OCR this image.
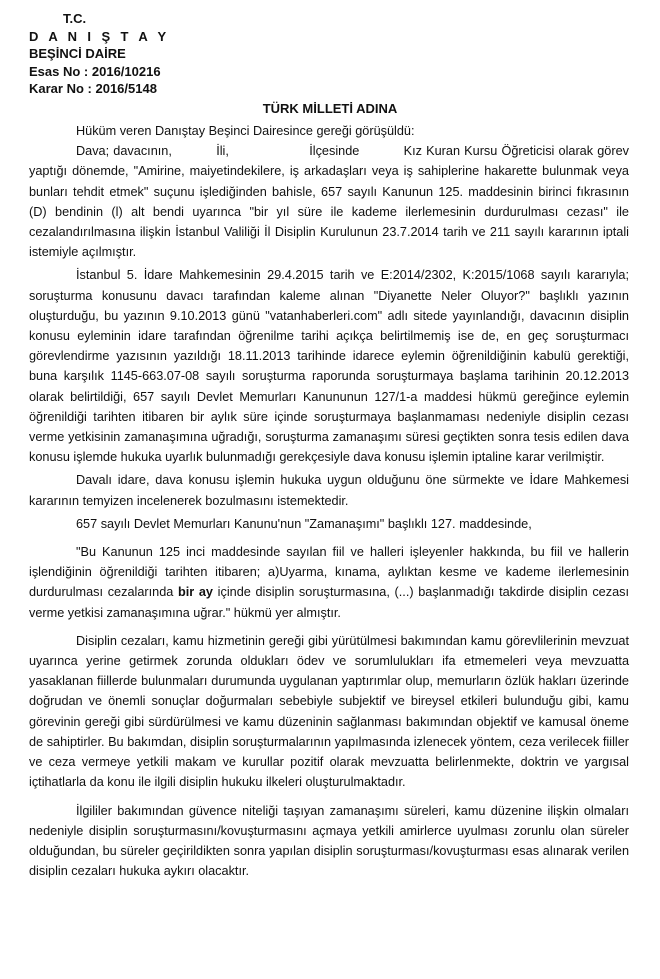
T.C.
D A N I Ş T A Y
BEŞİNCİ DAİRE
Esas No : 2016/10216
Karar No : 2016/5148
TÜRK MİLLETİ ADINA

Hüküm veren Danıştay Beşinci Dairesince gereği görüşüldü:

Dava; davacının,	İli,	İlçesinde	Kız Kuran Kursu Öğreticisi olarak görev yaptığı dönemde, "Amirine, maiyetindekilere, iş arkadaşları veya iş sahiplerine hakarette bulunmak veya bunları tehdit etmek" suçunu işlediğinden bahisle, 657 sayılı Kanunun 125. maddesinin birinci fıkrasının (D) bendinin (l) alt bendi uyarınca "bir yıl süre ile kademe ilerlemesinin durdurulması cezası" ile cezalandırılmasına ilişkin İstanbul Valiliği İl Disiplin Kurulunun 23.7.2014 tarih ve 211 sayılı kararının iptali istemiyle açılmıştır.

İstanbul 5. İdare Mahkemesinin 29.4.2015 tarih ve E:2014/2302, K:2015/1068 sayılı kararıyla; soruşturma konusunu davacı tarafından kaleme alınan "Diyanette Neler Oluyor?" başlıklı yazının oluşturduğu, bu yazının 9.10.2013 günü "vatanhaberleri.com" adlı sitede yayınlandığı, davacının disiplin konusu eyleminin idare tarafından öğrenilme tarihi açıkça belirtilmemiş ise de, en geç soruşturmacı görevlendirme yazısının yazıldığı 18.11.2013 tarihinde idarece eylemin öğrenildiğinin kabulü gerektiği, buna karşılık 1145-663.07-08 sayılı soruşturma raporunda soruşturmaya başlama tarihinin 20.12.2013 olarak belirtildiği, 657 sayılı Devlet Memurları Kanununun 127/1-a maddesi hükmü gereğince eylemin öğrenildiği tarihten itibaren bir aylık süre içinde soruşturmaya başlanmaması nedeniyle disiplin cezası verme yetkisinin zamanaşımına uğradığı, soruşturma zamanaşımı süresi geçtikten sonra tesis edilen dava konusu işlemde hukuka uyarlık bulunmadığı gerekçesiyle dava konusu işlemin iptaline karar verilmiştir.

Davalı idare, dava konusu işlemin hukuka uygun olduğunu öne sürmekte ve İdare Mahkemesi kararının temyizen incelenerek bozulmasını istemektedir.

657 sayılı Devlet Memurları Kanunu'nun "Zamanaşımı" başlıklı 127. maddesinde,

"Bu Kanunun 125 inci maddesinde sayılan fiil ve halleri işleyenler hakkında, bu fiil ve hallerin işlendiğinin öğrenildiği tarihten itibaren; a)Uyarma, kınama, aylıktan kesme ve kademe ilerlemesinin durdurulması cezalarında bir ay içinde disiplin soruşturmasına, (...) başlanmadığı takdirde disiplin cezası verme yetkisi zamanaşımına uğrar." hükmü yer almıştır.

Disiplin cezaları, kamu hizmetinin gereği gibi yürütülmesi bakımından kamu görevlilerinin mevzuat uyarınca yerine getirmek zorunda oldukları ödev ve sorumlulukları ifa etmemeleri veya mevzuatta yasaklanan fiillerde bulunmaları durumunda uygulanan yaptırımlar olup, memurların özlük hakları üzerinde doğrudan ve önemli sonuçlar doğurmaları sebebiyle subjektif ve bireysel etkileri bulunduğu gibi, kamu görevinin gereği gibi sürdürülmesi ve kamu düzeninin sağlanması bakımından objektif ve kamusal öneme de sahiptirler. Bu bakımdan, disiplin soruşturmalarının yapılmasında izlenecek yöntem, ceza verilecek fiiller ve ceza vermeye yetkili makam ve kurullar pozitif olarak mevzuatta belirlenmekte, doktrin ve yargısal içtihatlarla da konu ile ilgili disiplin hukuku ilkeleri oluşturulmaktadır.

İlgililer bakımından güvence niteliği taşıyan zamanaşımı süreleri, kamu düzenine ilişkin olmaları nedeniyle disiplin soruşturmasını/kovuşturmasını açmaya yetkili amirlerce uyulması zorunlu olan süreler olduğundan, bu süreler geçirildikten sonra yapılan disiplin soruşturması/kovuşturması esas alınarak verilen disiplin cezaları hukuka aykırı olacaktır.
